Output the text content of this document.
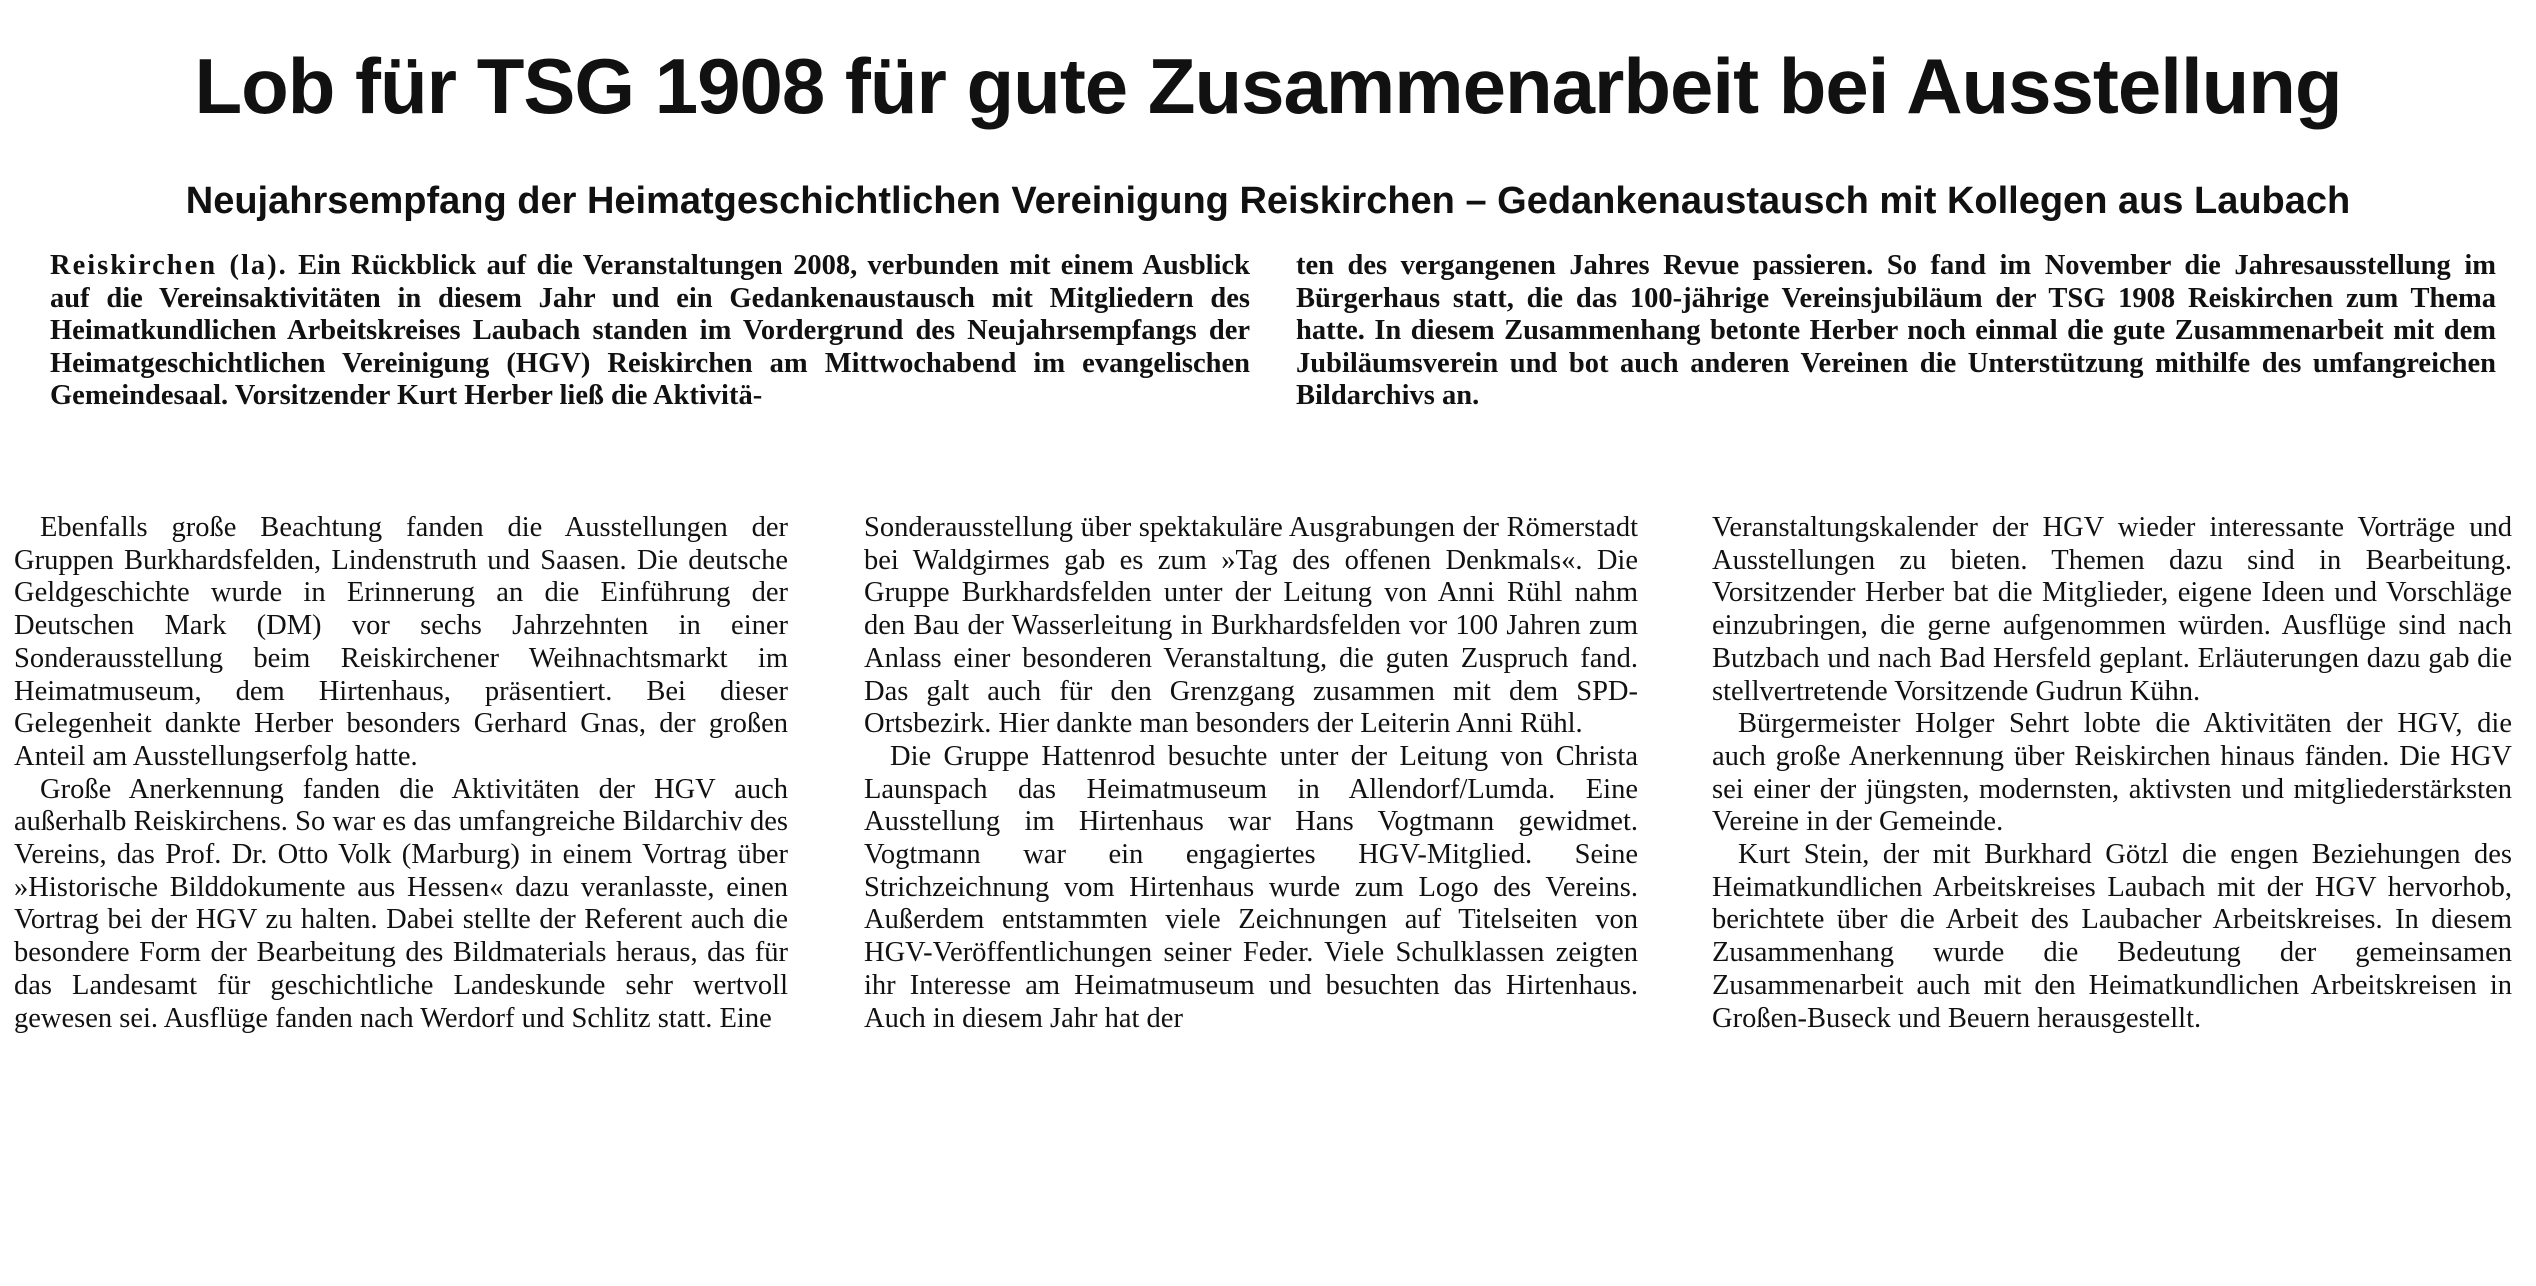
Lob für TSG 1908 für gute Zusammenarbeit bei Ausstellung
Neujahrsempfang der Heimatgeschichtlichen Vereinigung Reiskirchen – Gedankenaustausch mit Kollegen aus Laubach

Reiskirchen (la). Ein Rückblick auf die Veranstaltungen 2008, verbunden mit einem Ausblick auf die Vereinsaktivitäten in diesem Jahr und ein Gedankenaustausch mit Mitgliedern des Heimatkundlichen Arbeitskreises Laubach standen im Vordergrund des Neujahrsempfangs der Heimatgeschichtlichen Vereinigung (HGV) Reiskirchen am Mittwochabend im evangelischen Gemeindesaal. Vorsitzender Kurt Herber ließ die Aktivitä-

ten des vergangenen Jahres Revue passieren. So fand im November die Jahresausstellung im Bürgerhaus statt, die das 100-jährige Vereinsjubiläum der TSG 1908 Reiskirchen zum Thema hatte. In diesem Zusammenhang betonte Herber noch einmal die gute Zusammenarbeit mit dem Jubiläumsverein und bot auch anderen Vereinen die Unterstützung mithilfe des umfangreichen Bildarchivs an.

Ebenfalls große Beachtung fanden die Ausstellungen der Gruppen Burkhardsfelden, Lindenstruth und Saasen. Die deutsche Geldgeschichte wurde in Erinnerung an die Einführung der Deutschen Mark (DM) vor sechs Jahrzehnten in einer Sonderausstellung beim Reiskirchener Weihnachtsmarkt im Heimatmuseum, dem Hirtenhaus, präsentiert. Bei dieser Gelegenheit dankte Herber besonders Gerhard Gnas, der großen Anteil am Ausstellungserfolg hatte.

Große Anerkennung fanden die Aktivitäten der HGV auch außerhalb Reiskirchens. So war es das umfangreiche Bildarchiv des Vereins, das Prof. Dr. Otto Volk (Marburg) in einem Vortrag über »Historische Bilddokumente aus Hessen« dazu veranlasste, einen Vortrag bei der HGV zu halten. Dabei stellte der Referent auch die besondere Form der Bearbeitung des Bildmaterials heraus, das für das Landesamt für geschichtliche Landeskunde sehr wertvoll gewesen sei. Ausflüge fanden nach Werdorf und Schlitz statt. Eine

Sonderausstellung über spektakuläre Ausgrabungen der Römerstadt bei Waldgirmes gab es zum »Tag des offenen Denkmals«. Die Gruppe Burkhardsfelden unter der Leitung von Anni Rühl nahm den Bau der Wasserleitung in Burkhardsfelden vor 100 Jahren zum Anlass einer besonderen Veranstaltung, die guten Zuspruch fand. Das galt auch für den Grenzgang zusammen mit dem SPD-Ortsbezirk. Hier dankte man besonders der Leiterin Anni Rühl.

Die Gruppe Hattenrod besuchte unter der Leitung von Christa Launspach das Heimatmuseum in Allendorf/Lumda. Eine Ausstellung im Hirtenhaus war Hans Vogtmann gewidmet. Vogtmann war ein engagiertes HGV-Mitglied. Seine Strichzeichnung vom Hirtenhaus wurde zum Logo des Vereins. Außerdem entstammten viele Zeichnungen auf Titelseiten von HGV-Veröffentlichungen seiner Feder. Viele Schulklassen zeigten ihr Interesse am Heimatmuseum und besuchten das Hirtenhaus. Auch in diesem Jahr hat der

Veranstaltungskalender der HGV wieder interessante Vorträge und Ausstellungen zu bieten. Themen dazu sind in Bearbeitung. Vorsitzender Herber bat die Mitglieder, eigene Ideen und Vorschläge einzubringen, die gerne aufgenommen würden. Ausflüge sind nach Butzbach und nach Bad Hersfeld geplant. Erläuterungen dazu gab die stellvertretende Vorsitzende Gudrun Kühn.

Bürgermeister Holger Sehrt lobte die Aktivitäten der HGV, die auch große Anerkennung über Reiskirchen hinaus fänden. Die HGV sei einer der jüngsten, modernsten, aktivsten und mitgliederstärksten Vereine in der Gemeinde.

Kurt Stein, der mit Burkhard Götzl die engen Beziehungen des Heimatkundlichen Arbeitskreises Laubach mit der HGV hervorhob, berichtete über die Arbeit des Laubacher Arbeitskreises. In diesem Zusammenhang wurde die Bedeutung der gemeinsamen Zusammenarbeit auch mit den Heimatkundlichen Arbeitskreisen in Großen-Buseck und Beuern herausgestellt.
